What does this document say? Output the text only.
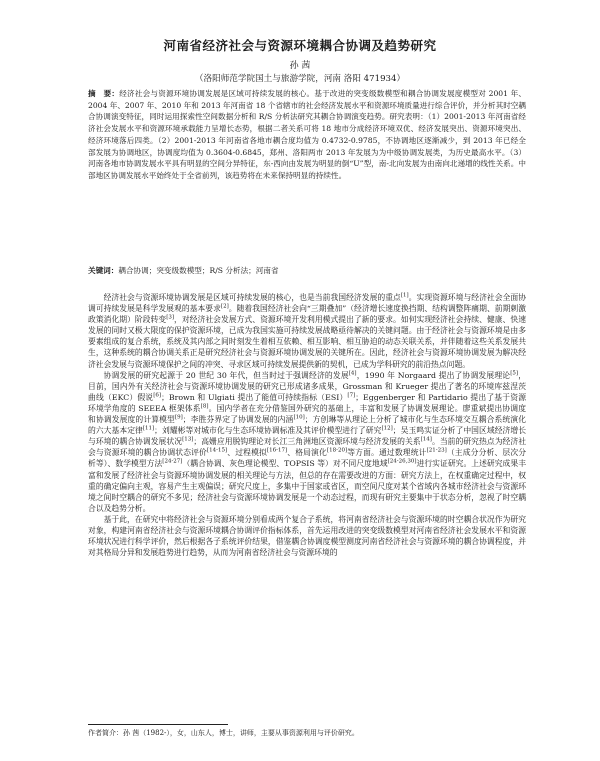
河南省经济社会与资源环境耦合协调及趋势研究
孙 茜
（洛阳师范学院国土与旅游学院，河南 洛阳 471934）

摘　要：经济社会与资源环境协调发展是区域可持续发展的核心。基于改进的突变级数模型和耦合协调发展度模型对 2001 年、2004 年、2007 年、2010 年和 2013 年河南省 18 个省辖市的社会经济发展水平和资源环境质量进行综合评价，并分析其时空耦合协调演变特征，同时运用探索性空间数据分析和 R/S 分析法研究其耦合协调演变趋势。研究表明：（1）2001-2013 年河南省经济社会发展水平和资源环境承载能力呈增长态势，根据二者关系可将 18 地市分成经济环境双优、经济发展突出、资源环境突出、经济环境落后四类。（2）2001-2013 年河南省各地市耦合度均值为 0.4732-0.9785，不协调地区逐渐减少，到 2013 年已经全部发展为协调地区，协调度均值为 0.3604-0.6845，郑州、洛阳两市 2013 年发展为为中级协调发展类，为历史最高水平。（3）河南各地市协调发展水平具有明显的空间分异特征，东-西向由发展为明显的倒“U”型，南-北向发展为由南向北递增的线性关系。中部地区协调发展水平始终处于全省前列，该趋势将在未来保持明显的持续性。

关键词：耦合协调；突变级数模型；R/S 分析法；河南省

经济社会与资源环境协调发展是区域可持续发展的核心，也是当前我国经济发展的重点[1]。实现资源环境与经济社会全面协调可持续发展是科学发展观的基本要求[2]。随着我国经济社会向“三期叠加”（经济增长速度换挡期、结构调整阵痛期、前期刺激政策消化期）阶段转变[3]，对经济社会发展方式、资源环境开发利用模式提出了新的要求。如何实现经济社会持续、健康、快速发展的同时又极大限度的保护资源环境，已成为我国实施可持续发展战略亟待解决的关键问题。由于经济社会与资源环境是由多要素组成的复合系统，系统及其内部之间时刻发生着相互依赖、相互影响、相互胁迫的动态关联关系，并伴随着这些关系发展共生，这种系统的耦合协调关系正是研究经济社会与资源环境协调发展的关键所在。因此，经济社会与资源环境协调发展为解决经济社会发展与资源环境保护之间的冲突、寻求区域可持续发展提供新的契机，已成为学科研究的前沿热点问题。

协调发展的研究起源于 20 世纪 30 年代，但当时过于强调经济的发展[4]，1990 年 Norgaard 提出了协调发展理论[5]，目前，国内外有关经济社会与资源环境协调发展的研究已形成诸多成果，Grossman 和 Krueger 提出了著名的环境库兹涅茨曲线（EKC）假说[6]；Brown 和 Ulgiati 提出了能值可持续指标（ESI）[7]；Eggenberger 和 Partidario 提出了基于资源环境学角度的 SEEEA 框架体系[8]。国内学者在充分借鉴国外研究的基础上，丰富和发展了协调发展理论。廖重斌提出协调度和协调发展度的计算模型[9]；李胜芬界定了协调发展的内涵[10]；方创琳等从理论上分析了城市化与生态环境交互耦合系统演化的六大基本定律[11]；刘耀彬等对城市化与生态环境协调标准及其评价模型进行了研究[12]；吴玉鸣实证分析了中国区域经济增长与环境的耦合协调发展状况[13]；高姗应用脱钩理论对长江三角洲地区资源环境与经济发展的关系[14]。当前的研究热点为经济社会与资源环境的耦合协调状态评价[14-15]、过程模拟[16-17]、格局演化[18-20]等方面。通过数理统计[21-23]（主成分分析、层次分析等）、数学模型方法[24-27]（耦合协调、灰色理论模型、TOPSIS 等）对不同尺度地域[24-26,30]进行实证研究。上述研究成果丰富和发展了经济社会与资源环境协调发展的相关理论与方法，但总的存在需要改进的方面：研究方法上，在权重确定过程中，权重的确定偏向主观，容易产生主观偏误；研究尺度上，多集中于国家或省区，而空间尺度对某个省域内各城市经济社会与资源环境之间时空耦合的研究不多见；经济社会与资源环境协调发展是一个动态过程，而现有研究主要集中于状态分析，忽视了时空耦合以及趋势分析。

基于此，在研究中将经济社会与资源环境分别看成两个复合子系统，将河南省经济社会与资源环境的时空耦合状况作为研究对象，构建河南省经济社会与资源环境耦合协调评价指标体系，首先运用改进的突变级数模型对河南省经济社会发展水平和资源环境状况进行科学评价，然后根据各子系统评价结果，借鉴耦合协调度模型测度河南省经济社会与资源环境的耦合协调程度，并对其格局分异和发展趋势进行趋势，从而为河南省经济社会与资源环境的

作者简介：孙 茜（1982-），女，山东人，博士，讲师，主要从事资源利用与评价研究。
